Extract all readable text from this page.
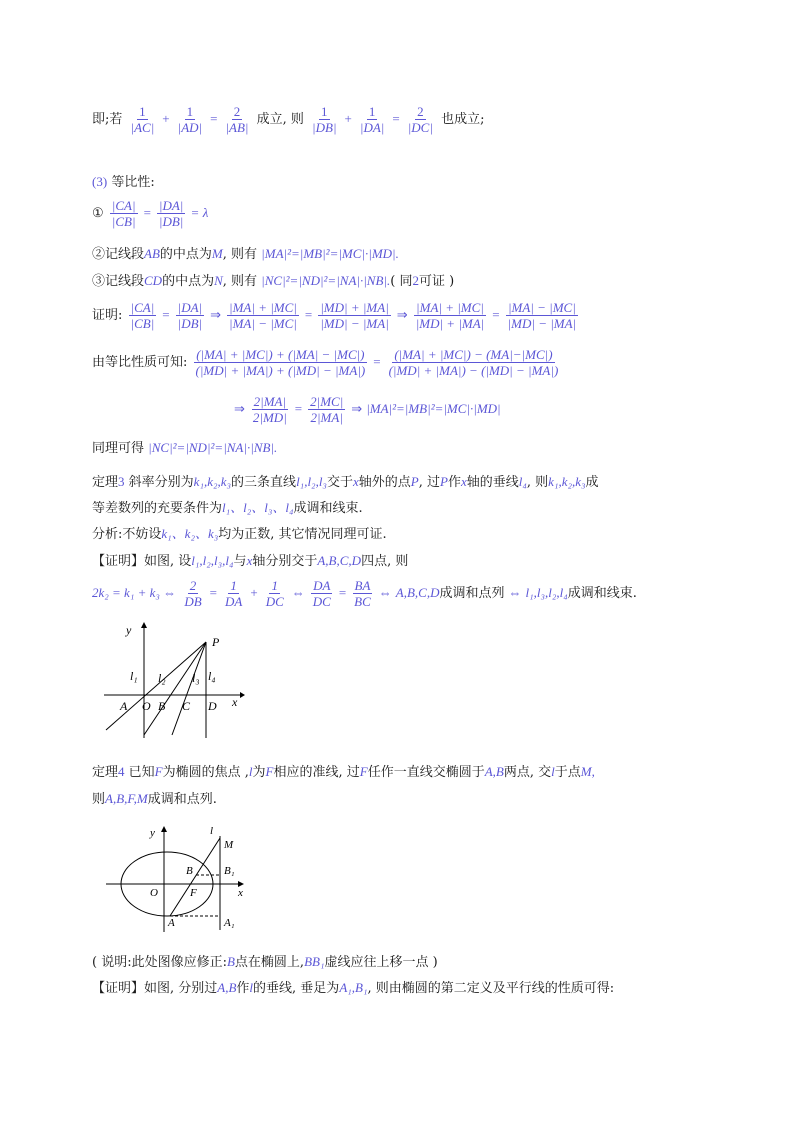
即;若 $\frac{1}{|AC|} + \frac{1}{|AD|} = \frac{2}{|AB|}$ 成立, 则 $\frac{1}{|DB|} + \frac{1}{|DA|} = \frac{2}{|DC|}$ 也成立;
(3) 等比性:
① $\frac{|CA|}{|CB|} = \frac{|DA|}{|DB|} = \lambda$
②记线段AB的中点为M, 则有 |MA|²=|MB|²=|MC|·|MD|.
③记线段CD的中点为N, 则有 |NC|²=|ND|²=|NA|·|NB|.( 同2可证 )
证明: $\frac{|CA|}{|CB|} = \frac{|DA|}{|DB|}$ ⇒ $\frac{|MA| + |MC|}{|MA| - |MC|} = \frac{|MD| + |MA|}{|MD| - |MA|}$ ⇒ $\frac{|MA| + |MC|}{|MD| + |MA|} = \frac{|MA| - |MC|}{|MD| - |MA|}$
由等比性质可知: $\frac{(|MA| + |MC|) + (|MA| - |MC|)}{(|MD| + |MA|) + (|MD| - |MA|)} = \frac{(|MA| + |MC|) - (MA|-|MC|)}{(|MD| + |MA|) - (|MD| - |MA|)}$
⇒ $\frac{2|MA|}{2|MD|} = \frac{2|MC|}{2|MA|}$ ⇒ |MA|²=|MB|²=|MC|·|MD|
同理可得 |NC|²=|ND|²=|NA|·|NB|.
定理3 斜率分别为k₁,k₂,k₃的三条直线l₁,l₂,l₃交于x轴外的点P, 过P作x轴的垂线l₄, 则k₁,k₂,k₃成
等差数列的充要条件为l₁、l₂、l₃、l₄成调和线束.
分析:不妨设k₁、k₂、k₃均为正数, 其它情况同理可证.
【证明】如图, 设l₁,l₂,l₃,l₄与x轴分别交于A,B,C,D四点, 则
2k₂ = k₁ + k₃ ⇔ $\frac{2}{DB} = \frac{1}{DA} + \frac{1}{DC}$ ⇔ $\frac{DA}{DC} = \frac{BA}{BC}$ ⇔ A,B,C,D成调和点列 ⇔ l₁,l₃,l₂,l₄成调和线束.
y
x
P
l₁ l₂ l₃ l₄
A O B C D
定理4 已知F为椭圆的焦点 ,l为F相应的准线, 过F任作一直线交椭圆于A,B两点, 交l于点M,
则A,B,F,M成调和点列.
y	l
M
B	B₁
O	F	x
A	A₁
( 说明:此处图像应修正:B点在椭圆上,BB₁虚线应往上移一点 )
【证明】如图, 分别过A,B作l的垂线, 垂足为A₁,B₁, 则由椭圆的第二定义及平行线的性质可得:
